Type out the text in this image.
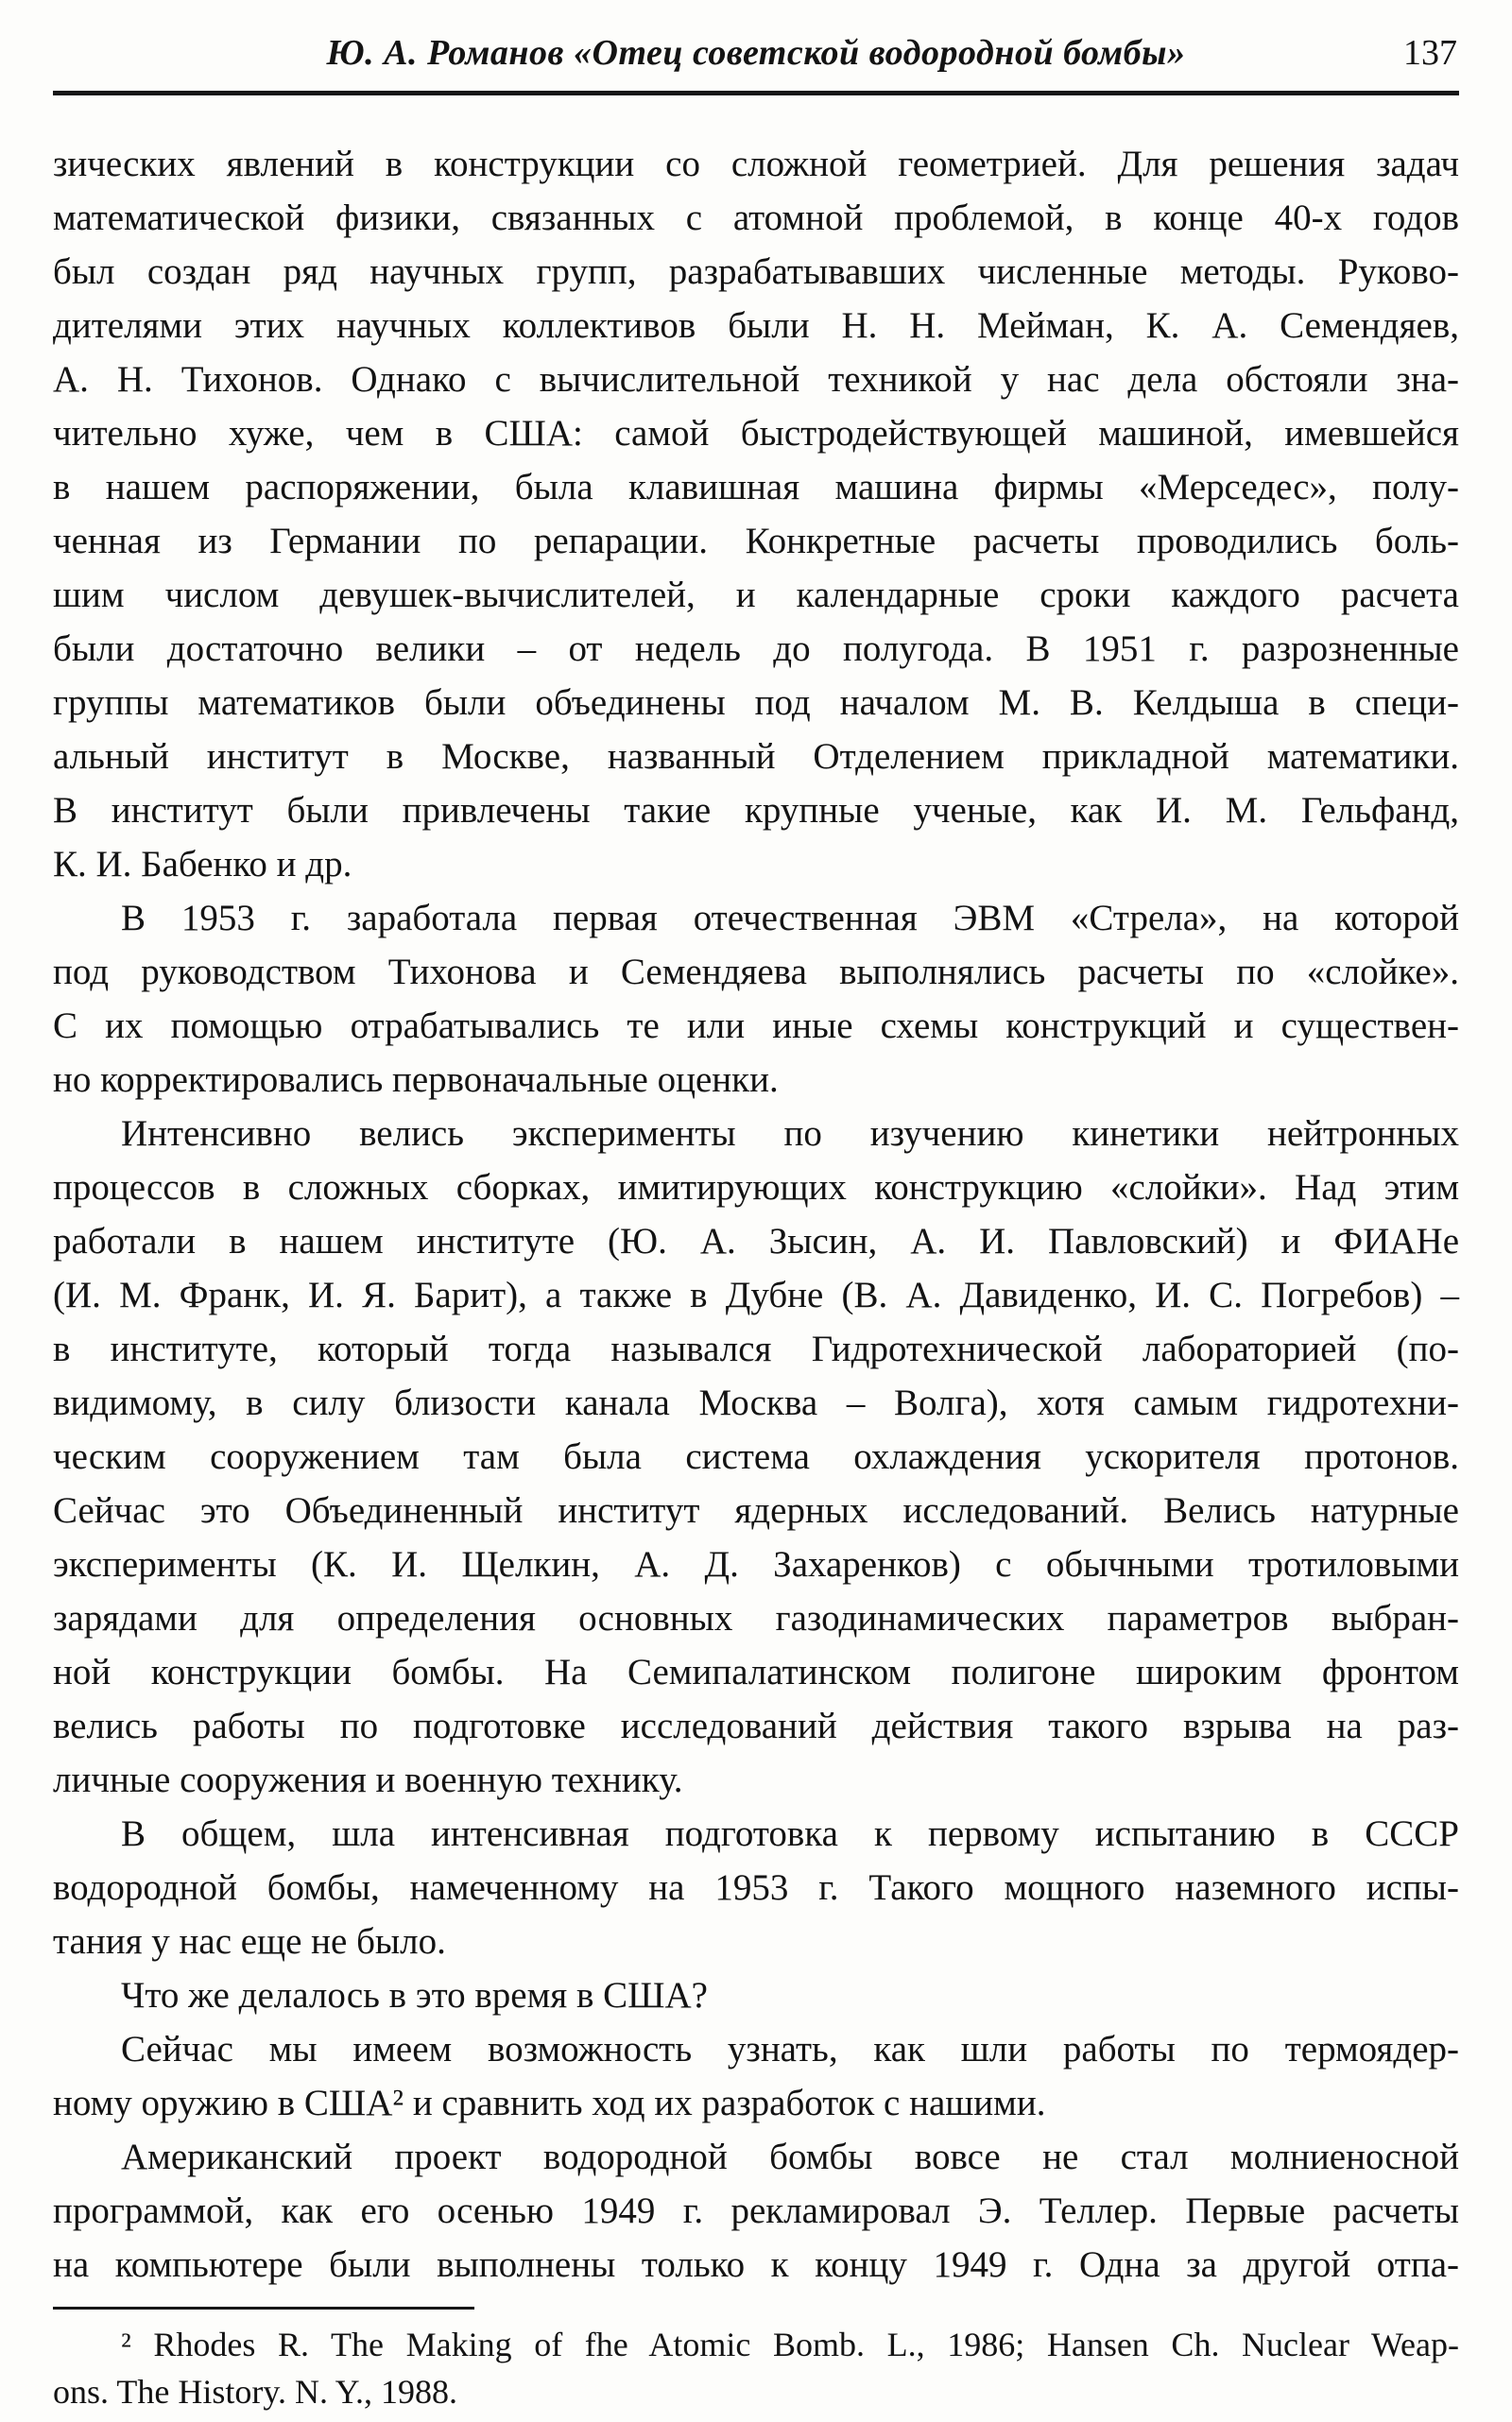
Ю. А. Романов «Отец советской водородной бомбы»	137
зических явлений в конструкции со сложной геометрией. Для решения задач
математической физики, связанных с атомной проблемой, в конце 40-х годов
был создан ряд научных групп, разрабатывавших численные методы. Руково-
дителями этих научных коллективов были Н. Н. Мейман, К. А. Семендяев,
А. Н. Тихонов. Однако с вычислительной техникой у нас дела обстояли зна-
чительно хуже, чем в США: самой быстродействующей машиной, имевшейся
в нашем распоряжении, была клавишная машина фирмы «Мерседес», полу-
ченная из Германии по репарации. Конкретные расчеты проводились боль-
шим числом девушек-вычислителей, и календарные сроки каждого расчета
были достаточно велики – от недель до полугода. В 1951 г. разрозненные
группы математиков были объединены под началом М. В. Келдыша в специ-
альный институт в Москве, названный Отделением прикладной математики.
В институт были привлечены такие крупные ученые, как И. М. Гельфанд,
К. И. Бабенко и др.
В 1953 г. заработала первая отечественная ЭВМ «Стрела», на которой
под руководством Тихонова и Семендяева выполнялись расчеты по «слойке».
С их помощью отрабатывались те или иные схемы конструкций и существен-
но корректировались первоначальные оценки.
Интенсивно велись эксперименты по изучению кинетики нейтронных
процессов в сложных сборках, имитирующих конструкцию «слойки». Над этим
работали в нашем институте (Ю. А. Зысин, А. И. Павловский) и ФИАНе
(И. М. Франк, И. Я. Барит), а также в Дубне (В. А. Давиденко, И. С. Погребов) –
в институте, который тогда назывался Гидротехнической лабораторией (по-
видимому, в силу близости канала Москва – Волга), хотя самым гидротехни-
ческим сооружением там была система охлаждения ускорителя протонов.
Сейчас это Объединенный институт ядерных исследований. Велись натурные
эксперименты (К. И. Щелкин, А. Д. Захаренков) с обычными тротиловыми
зарядами для определения основных газодинамических параметров выбран-
ной конструкции бомбы. На Семипалатинском полигоне широким фронтом
велись работы по подготовке исследований действия такого взрыва на раз-
личные сооружения и военную технику.
В общем, шла интенсивная подготовка к первому испытанию в СССР
водородной бомбы, намеченному на 1953 г. Такого мощного наземного испы-
тания у нас еще не было.
Что же делалось в это время в США?
Сейчас мы имеем возможность узнать, как шли работы по термоядер-
ному оружию в США² и сравнить ход их разработок с нашими.
Американский проект водородной бомбы вовсе не стал молниеносной
программой, как его осенью 1949 г. рекламировал Э. Теллер. Первые расчеты
на компьютере были выполнены только к концу 1949 г. Одна за другой отпа-
² Rhodes R. The Making of fhe Atomic Bomb. L., 1986; Hansen Ch. Nuclear Weap-
ons. The History. N. Y., 1988.
